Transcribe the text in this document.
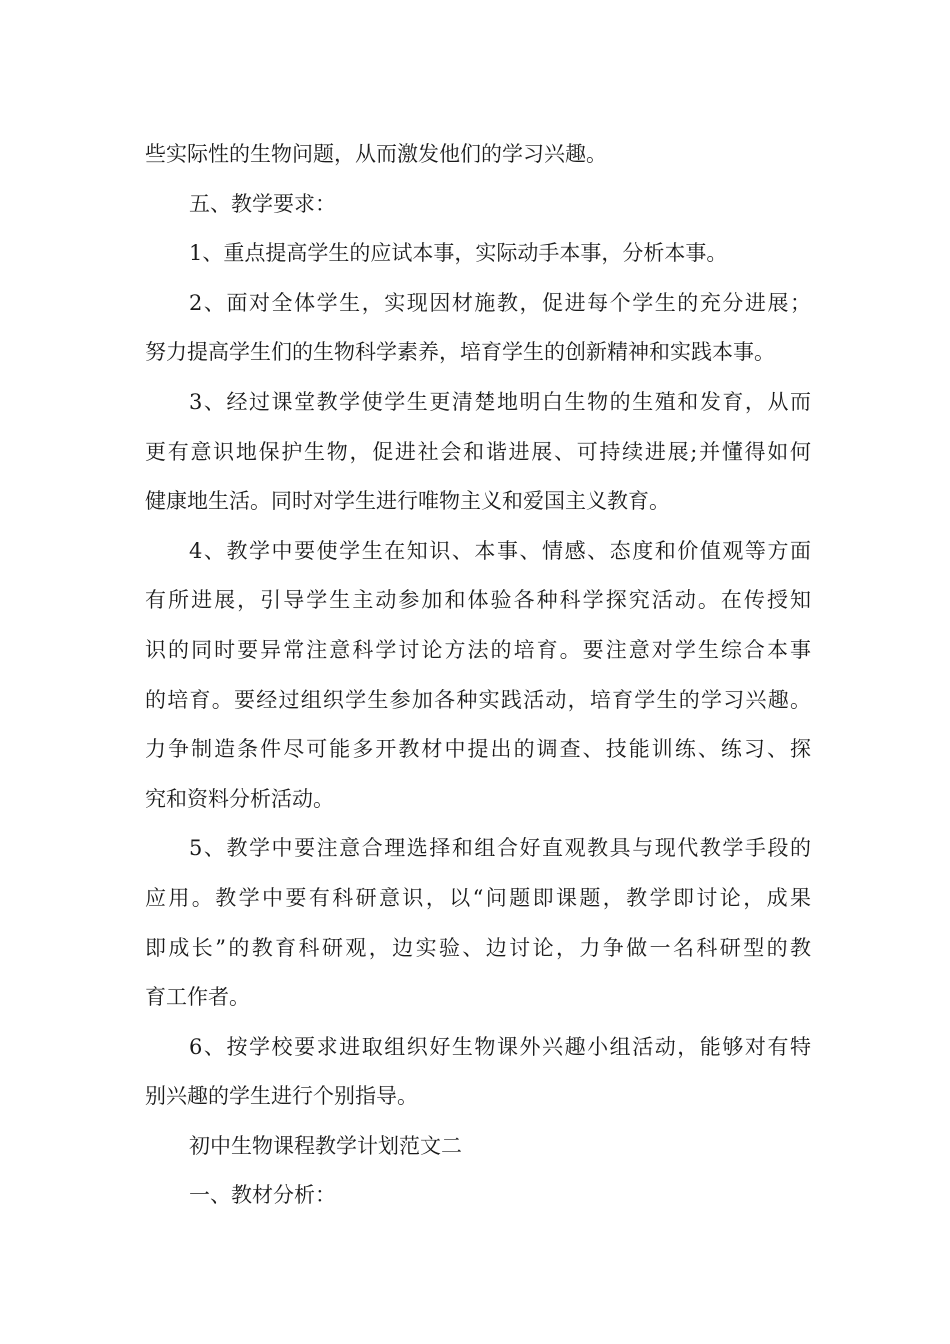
些实际性的生物问题，从而激发他们的学习兴趣。
五、教学要求：
1、重点提高学生的应试本事，实际动手本事，分析本事。
2、面对全体学生，实现因材施教，促进每个学生的充分进展；
努力提高学生们的生物科学素养，培育学生的创新精神和实践本事。
3、经过课堂教学使学生更清楚地明白生物的生殖和发育，从而
更有意识地保护生物，促进社会和谐进展、可持续进展;并懂得如何
健康地生活。同时对学生进行唯物主义和爱国主义教育。
4、教学中要使学生在知识、本事、情感、态度和价值观等方面
有所进展，引导学生主动参加和体验各种科学探究活动。在传授知
识的同时要异常注意科学讨论方法的培育。要注意对学生综合本事
的培育。要经过组织学生参加各种实践活动，培育学生的学习兴趣。
力争制造条件尽可能多开教材中提出的调查、技能训练、练习、探
究和资料分析活动。
5、教学中要注意合理选择和组合好直观教具与现代教学手段的
应用。教学中要有科研意识，以“问题即课题，教学即讨论，成果
即成长”的教育科研观，边实验、边讨论，力争做一名科研型的教
育工作者。
6、按学校要求进取组织好生物课外兴趣小组活动，能够对有特
别兴趣的学生进行个别指导。
初中生物课程教学计划范文二
一、教材分析：
